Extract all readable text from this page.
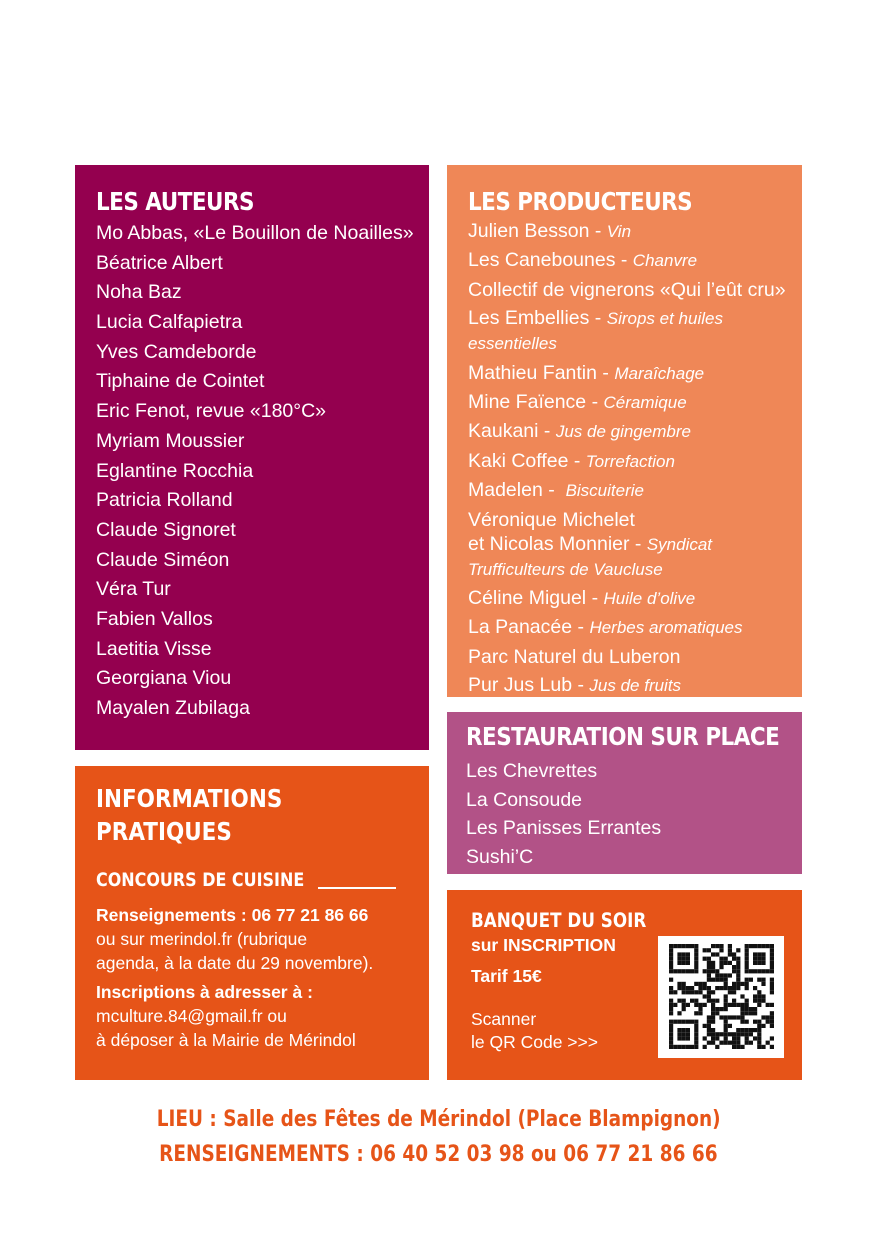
LES AUTEURS
Mo Abbas, «Le Bouillon de Noailles»
Béatrice Albert
Noha Baz
Lucia Calfapietra
Yves Camdeborde
Tiphaine de Cointet
Eric Fenot, revue «180°C»
Myriam Moussier
Eglantine Rocchia
Patricia Rolland
Claude Signoret
Claude Siméon
Véra Tur
Fabien Vallos
Laetitia Visse
Georgiana Viou
Mayalen Zubilaga
LES PRODUCTEURS
Julien Besson - Vin
Les Canebounes - Chanvre
Collectif de vignerons «Qui l’eût cru»
Les Embellies - Sirops et huiles
essentielles
Mathieu Fantin - Maraîchage
Mine Faïence - Céramique
Kaukani - Jus de gingembre
Kaki Coffee - Torrefaction
Madelen -  Biscuiterie
Véronique Michelet
et Nicolas Monnier - Syndicat
Trufficulteurs de Vaucluse
Céline Miguel - Huile d’olive
La Panacée - Herbes aromatiques
Parc Naturel du Luberon
Pur Jus Lub - Jus de fruits
RESTAURATION SUR PLACE
Les Chevrettes
La Consoude
Les Panisses Errantes
Sushi’C
INFORMATIONS
PRATIQUES
CONCOURS DE CUISINE
Renseignements : 06 77 21 86 66
ou sur merindol.fr (rubrique
agenda, à la date du 29 novembre).
Inscriptions à adresser à :
mculture.84@gmail.fr ou
à déposer à la Mairie de Mérindol
BANQUET DU SOIR
sur INSCRIPTION
Tarif 15€
Scanner
le QR Code >>>
LIEU : Salle des Fêtes de Mérindol (Place Blampignon)
RENSEIGNEMENTS : 06 40 52 03 98 ou 06 77 21 86 66
